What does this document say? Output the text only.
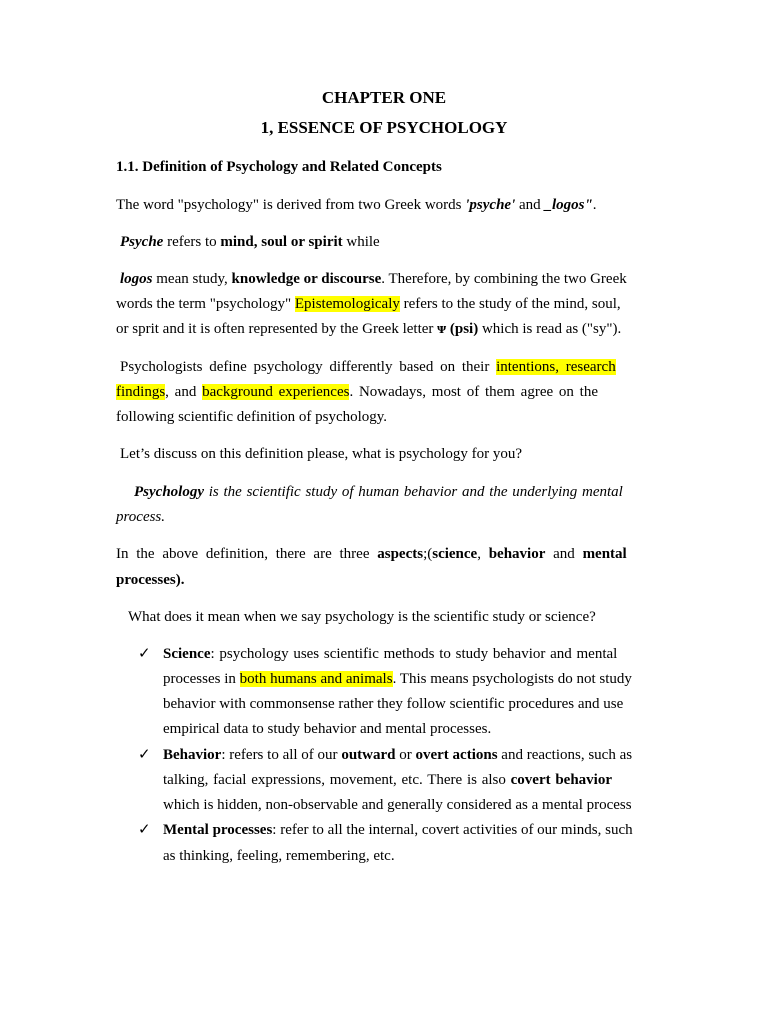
CHAPTER ONE
1, ESSENCE OF PSYCHOLOGY
1.1. Definition of Psychology and Related Concepts
The word "psychology" is derived from two Greek words 'psyche' and _logos".
Psyche refers to mind, soul or spirit while
logos mean study, knowledge or discourse. Therefore, by combining the two Greek
words the term "psychology" Epistemologicaly refers to the study of the mind, soul,
or sprit and it is often represented by the Greek letter ᴪ (psi) which is read as ("sy").
Psychologists define psychology differently based on their intentions, research
findings, and background experiences. Nowadays, most of them agree on the
following scientific definition of psychology.
Let’s discuss on this definition please, what is psychology for you?
Psychology is the scientific study of human behavior and the underlying mental
process.
In the above definition, there are three aspects;(science, behavior and mental
processes).
What does it mean when we say psychology is the scientific study or science?
✓ Science: psychology uses scientific methods to study behavior and mental
processes in both humans and animals. This means psychologists do not study
behavior with commonsense rather they follow scientific procedures and use
empirical data to study behavior and mental processes.
✓ Behavior: refers to all of our outward or overt actions and reactions, such as
talking, facial expressions, movement, etc. There is also covert behavior
which is hidden, non-observable and generally considered as a mental process
✓ Mental processes: refer to all the internal, covert activities of our minds, such
as thinking, feeling, remembering, etc.
